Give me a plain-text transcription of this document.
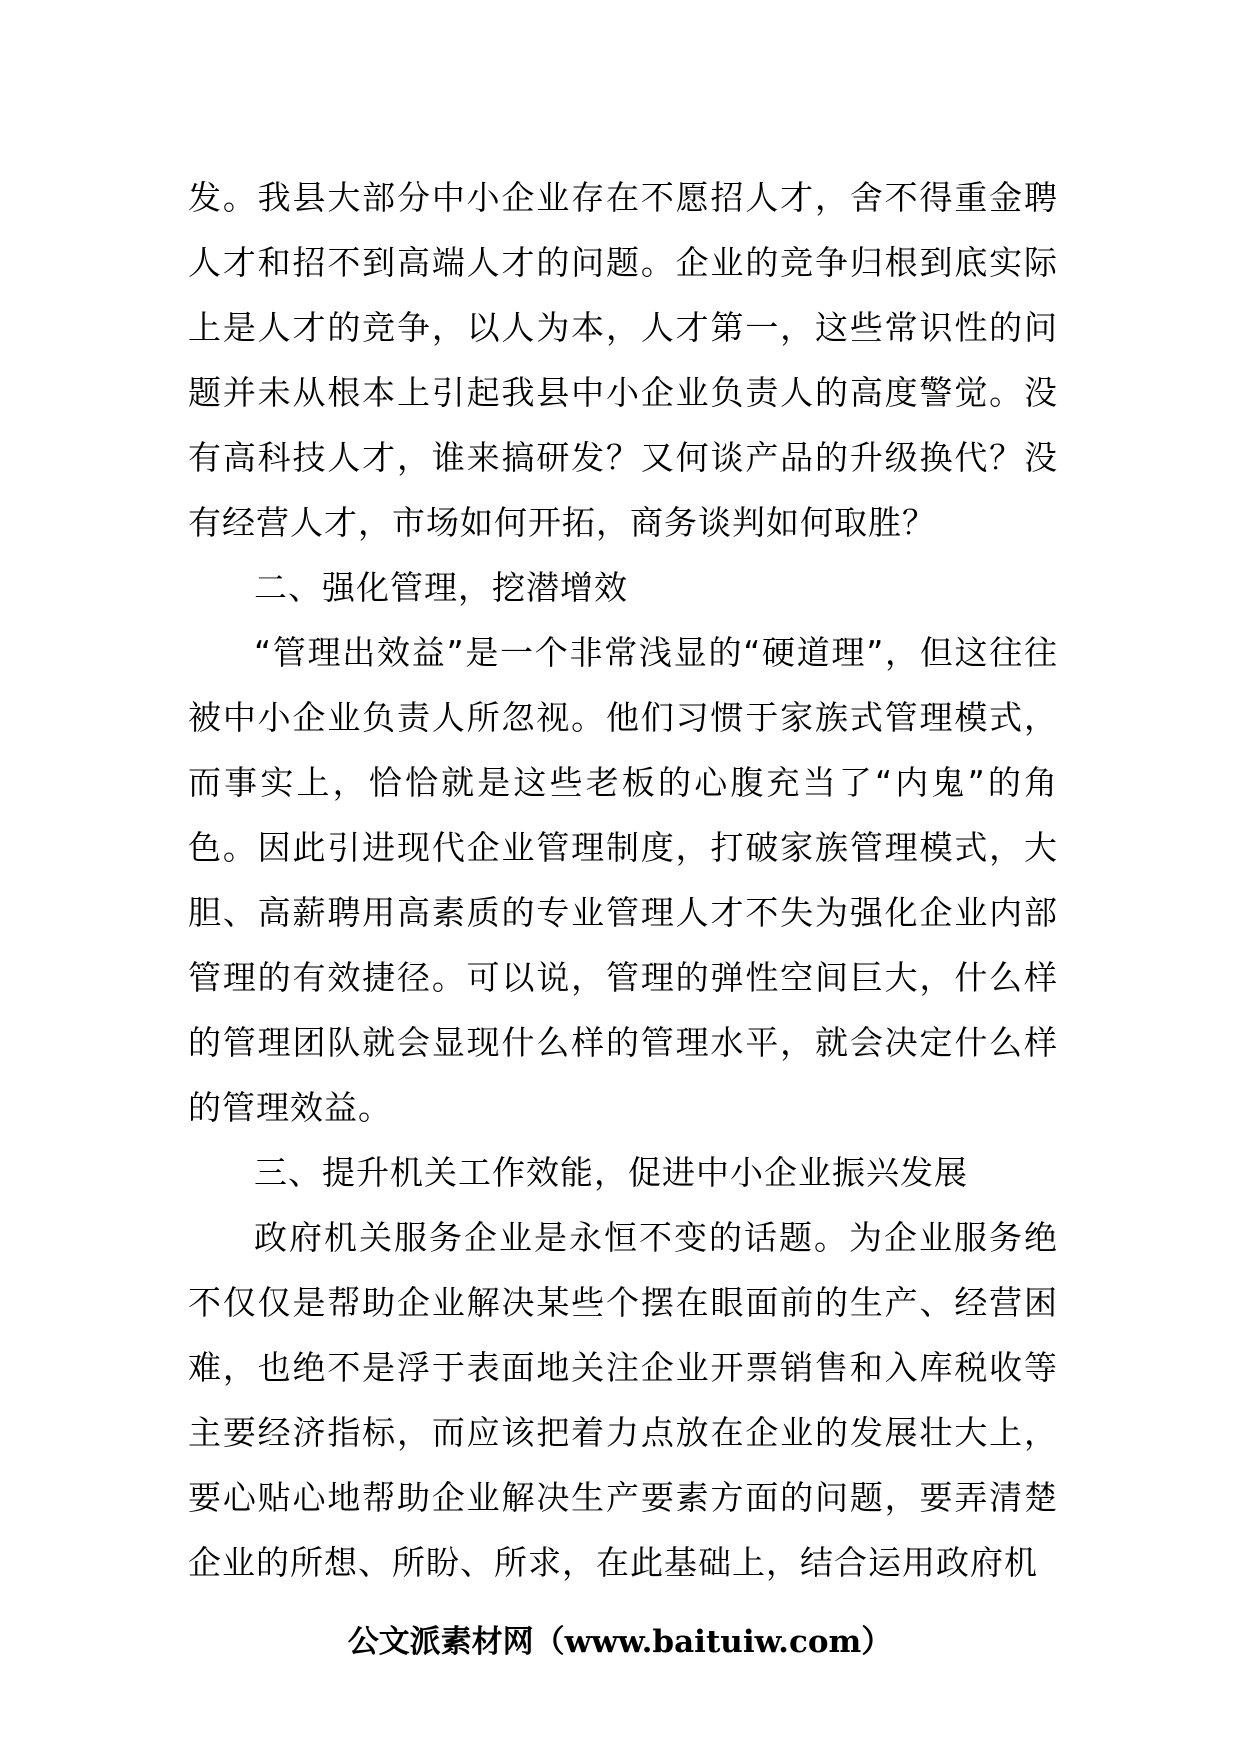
发。我县大部分中小企业存在不愿招人才，舍不得重金聘人才和招不到高端人才的问题。企业的竞争归根到底实际上是人才的竞争，以人为本，人才第一，这些常识性的问题并未从根本上引起我县中小企业负责人的高度警觉。没有高科技人才，谁来搞研发？又何谈产品的升级换代？没有经营人才，市场如何开拓，商务谈判如何取胜？

二、强化管理，挖潜增效

“管理出效益”是一个非常浅显的“硬道理”，但这往往被中小企业负责人所忽视。他们习惯于家族式管理模式，而事实上，恰恰就是这些老板的心腹充当了“内鬼”的角色。因此引进现代企业管理制度，打破家族管理模式，大胆、高薪聘用高素质的专业管理人才不失为强化企业内部管理的有效捷径。可以说，管理的弹性空间巨大，什么样的管理团队就会显现什么样的管理水平，就会决定什么样的管理效益。

三、提升机关工作效能，促进中小企业振兴发展

政府机关服务企业是永恒不变的话题。为企业服务绝不仅仅是帮助企业解决某些个摆在眼面前的生产、经营困难，也绝不是浮于表面地关注企业开票销售和入库税收等主要经济指标，而应该把着力点放在企业的发展壮大上，要心贴心地帮助企业解决生产要素方面的问题，要弄清楚企业的所想、所盼、所求，在此基础上，结合运用政府机

公文派素材网（www.baituiw.com）
